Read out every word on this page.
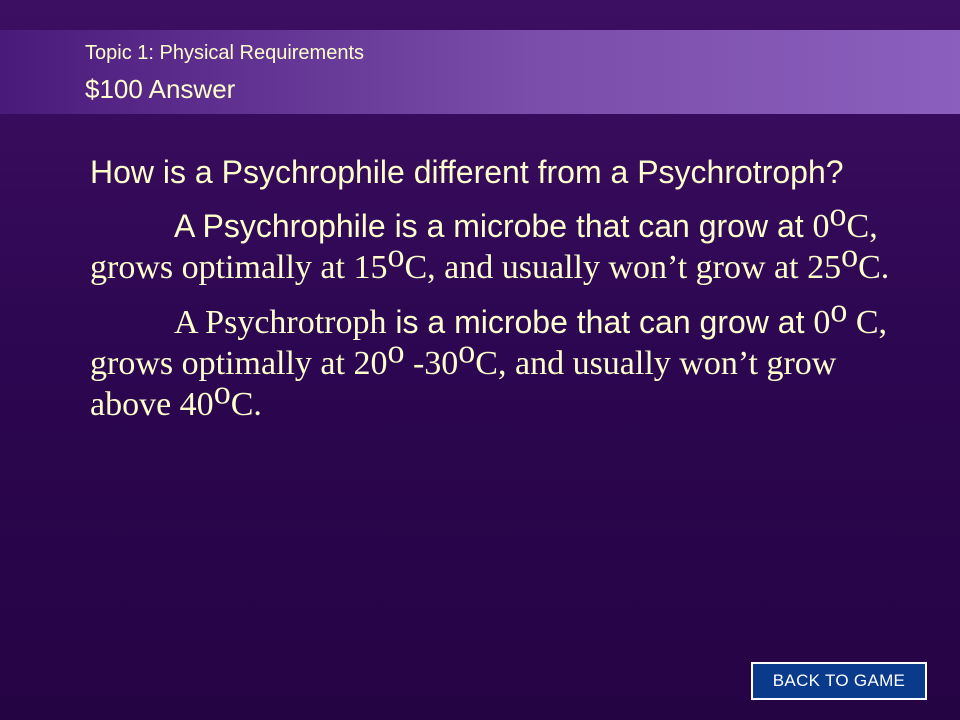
Topic 1: Physical Requirements
$100 Answer

How is a Psychrophile different from a Psychrotroph?

A Psychrophile is a microbe that can grow at 0$^o$C, grows optimally at 15$^o$C, and usually won’t grow at 25$^o$C.

A Psychrotroph is a microbe that can grow at 0$^o$ C, grows optimally at 20$^o$ -30$^o$C, and usually won’t grow above 40$^o$C.

BACK TO GAME
